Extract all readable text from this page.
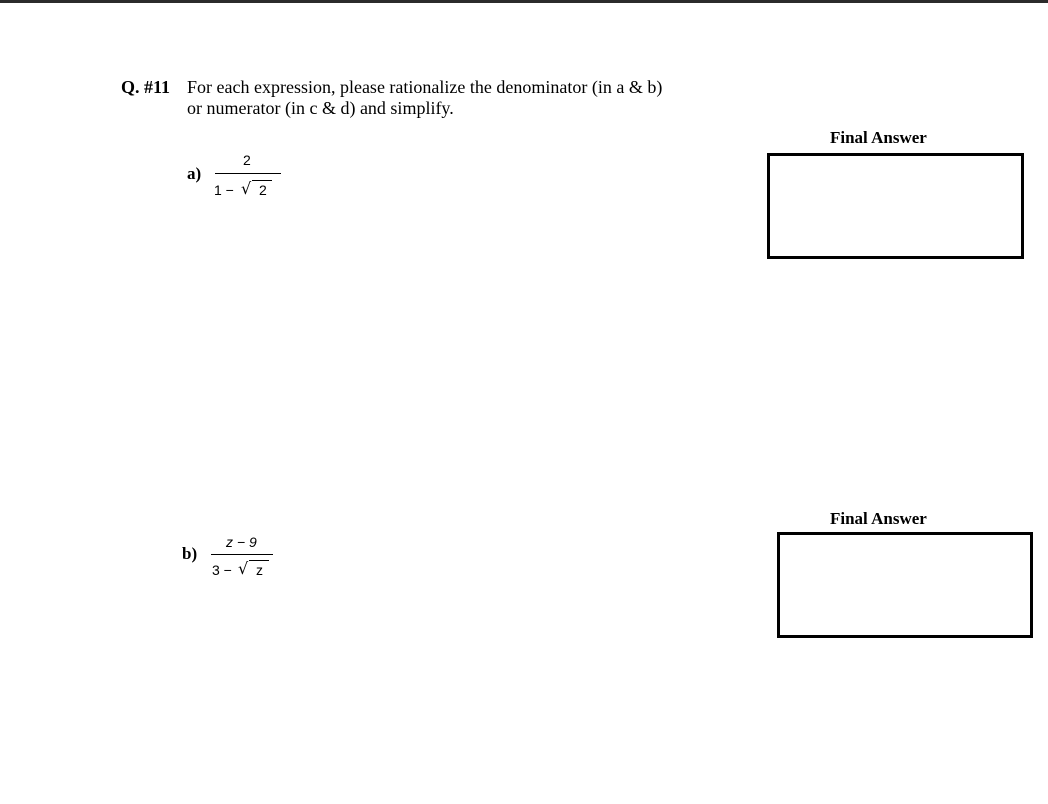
Q. #11 For each expression, please rationalize the denominator (in a & b)
or numerator (in c & d) and simplify.
Final Answer
a)
2
1 − √ 2
Final Answer
b)
z − 9
3 − √ z
